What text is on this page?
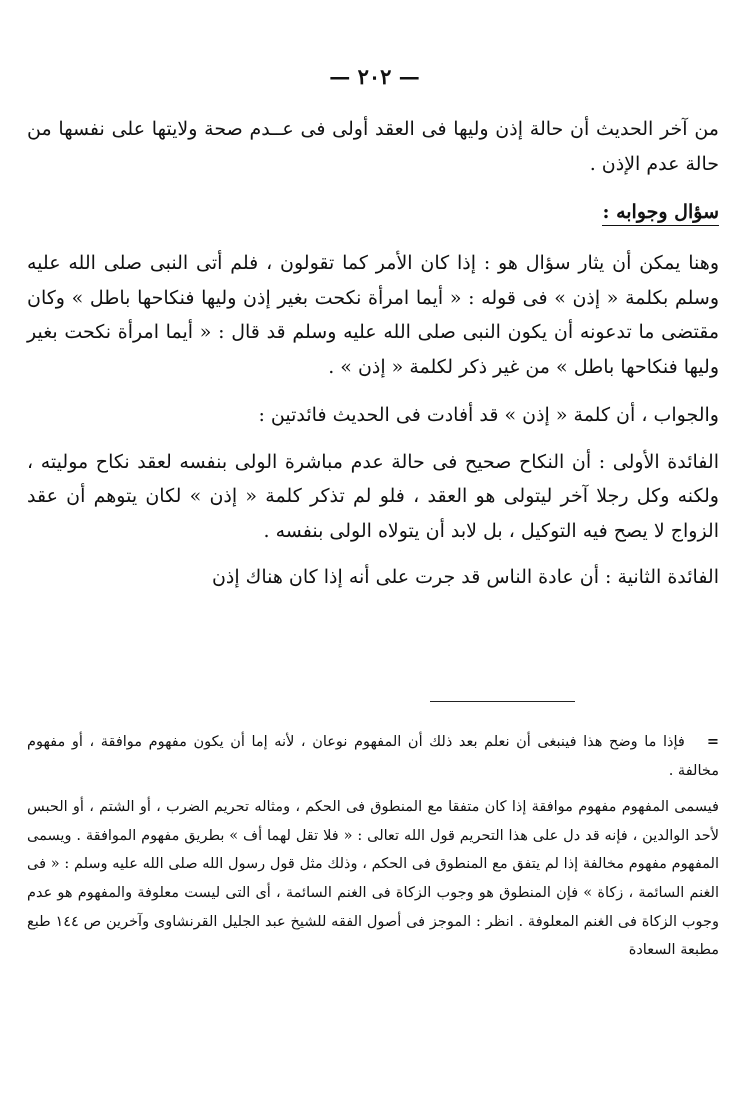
— ٢٠٢ —

من آخر الحديث أن حالة إذن وليها فى العقد أولى فى عــدم صحة ولايتها على نفسها من حالة عدم الإذن .

سؤال وجوابه :

وهنا يمكن أن يثار سؤال هو : إذا كان الأمر كما تقولون ، فلم أتى النبى صلى الله عليه وسلم بكلمة « إذن » فى قوله : « أيما امرأة نكحت بغير إذن وليها فنكاحها باطل » وكان مقتضى ما تدعونه أن يكون النبى صلى الله عليه وسلم قد قال : « أيما امرأة نكحت بغير وليها فنكاحها باطل » من غير ذكر لكلمة « إذن » .

والجواب ، أن كلمة « إذن » قد أفادت فى الحديث فائدتين :

الفائدة الأولى : أن النكاح صحيح فى حالة عدم مباشرة الولى بنفسه لعقد نكاح موليته ، ولكنه وكل رجلا آخر ليتولى هو العقد ، فلو لم تذكر كلمة « إذن » لكان يتوهم أن عقد الزواج لا يصح فيه التوكيل ، بل لابد أن يتولاه الولى بنفسه .

الفائدة الثانية : أن عادة الناس قد جرت على أنه إذا كان هناك إذن

=فإذا ما وضح هذا فينبغى أن نعلم بعد ذلك أن المفهوم نوعان ، لأنه إما أن يكون مفهوم موافقة ، أو مفهوم مخالفة .

فيسمى المفهوم مفهوم موافقة إذا كان متفقا مع المنطوق فى الحكم ، ومثاله تحريم الضرب ، أو الشتم ، أو الحبس لأحد الوالدين ، فإنه قد دل على هذا التحريم قول الله تعالى : « فلا تقل لهما أف » بطريق مفهوم الموافقة . ويسمى المفهوم مفهوم مخالفة إذا لم يتفق مع المنطوق فى الحكم ، وذلك مثل قول رسول الله صلى الله عليه وسلم : « فى الغنم السائمة ، زكاة » فإن المنطوق هو وجوب الزكاة فى الغنم السائمة ، أى التى ليست معلوفة والمفهوم هو عدم وجوب الزكاة فى الغنم المعلوفة . انظر : الموجز فى أصول الفقه للشيخ عبد الجليل القرنشاوى وآخرين ص ١٤٤ طبع مطبعة السعادة
